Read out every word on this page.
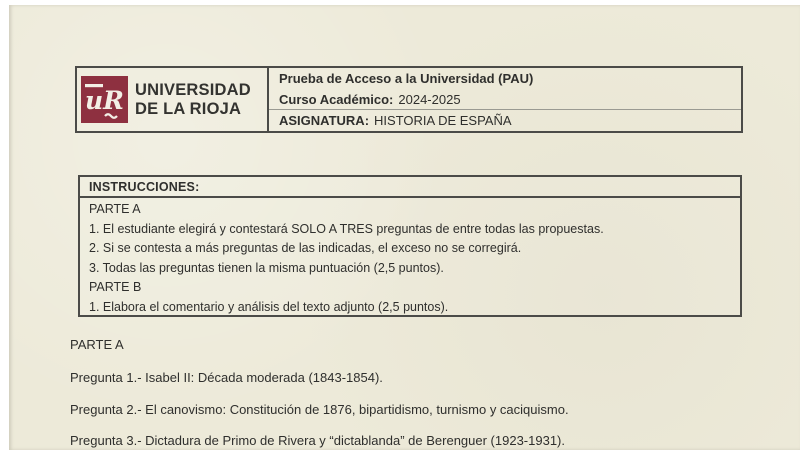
uR UNIVERSIDAD
DE LA RIOJA
Prueba de Acceso a la Universidad (PAU)
Curso Académico: 2024-2025
ASIGNATURA: HISTORIA DE ESPAÑA
INSTRUCCIONES:
PARTE A
1. El estudiante elegirá y contestará SOLO A TRES preguntas de entre todas las propuestas.
2. Si se contesta a más preguntas de las indicadas, el exceso no se corregirá.
3. Todas las preguntas tienen la misma puntuación (2,5 puntos).
PARTE B
1. Elabora el comentario y análisis del texto adjunto (2,5 puntos).
PARTE A
Pregunta 1.- Isabel II: Década moderada (1843-1854).
Pregunta 2.- El canovismo: Constitución de 1876, bipartidismo, turnismo y caciquismo.
Pregunta 3.- Dictadura de Primo de Rivera y “dictablanda” de Berenguer (1923-1931).
